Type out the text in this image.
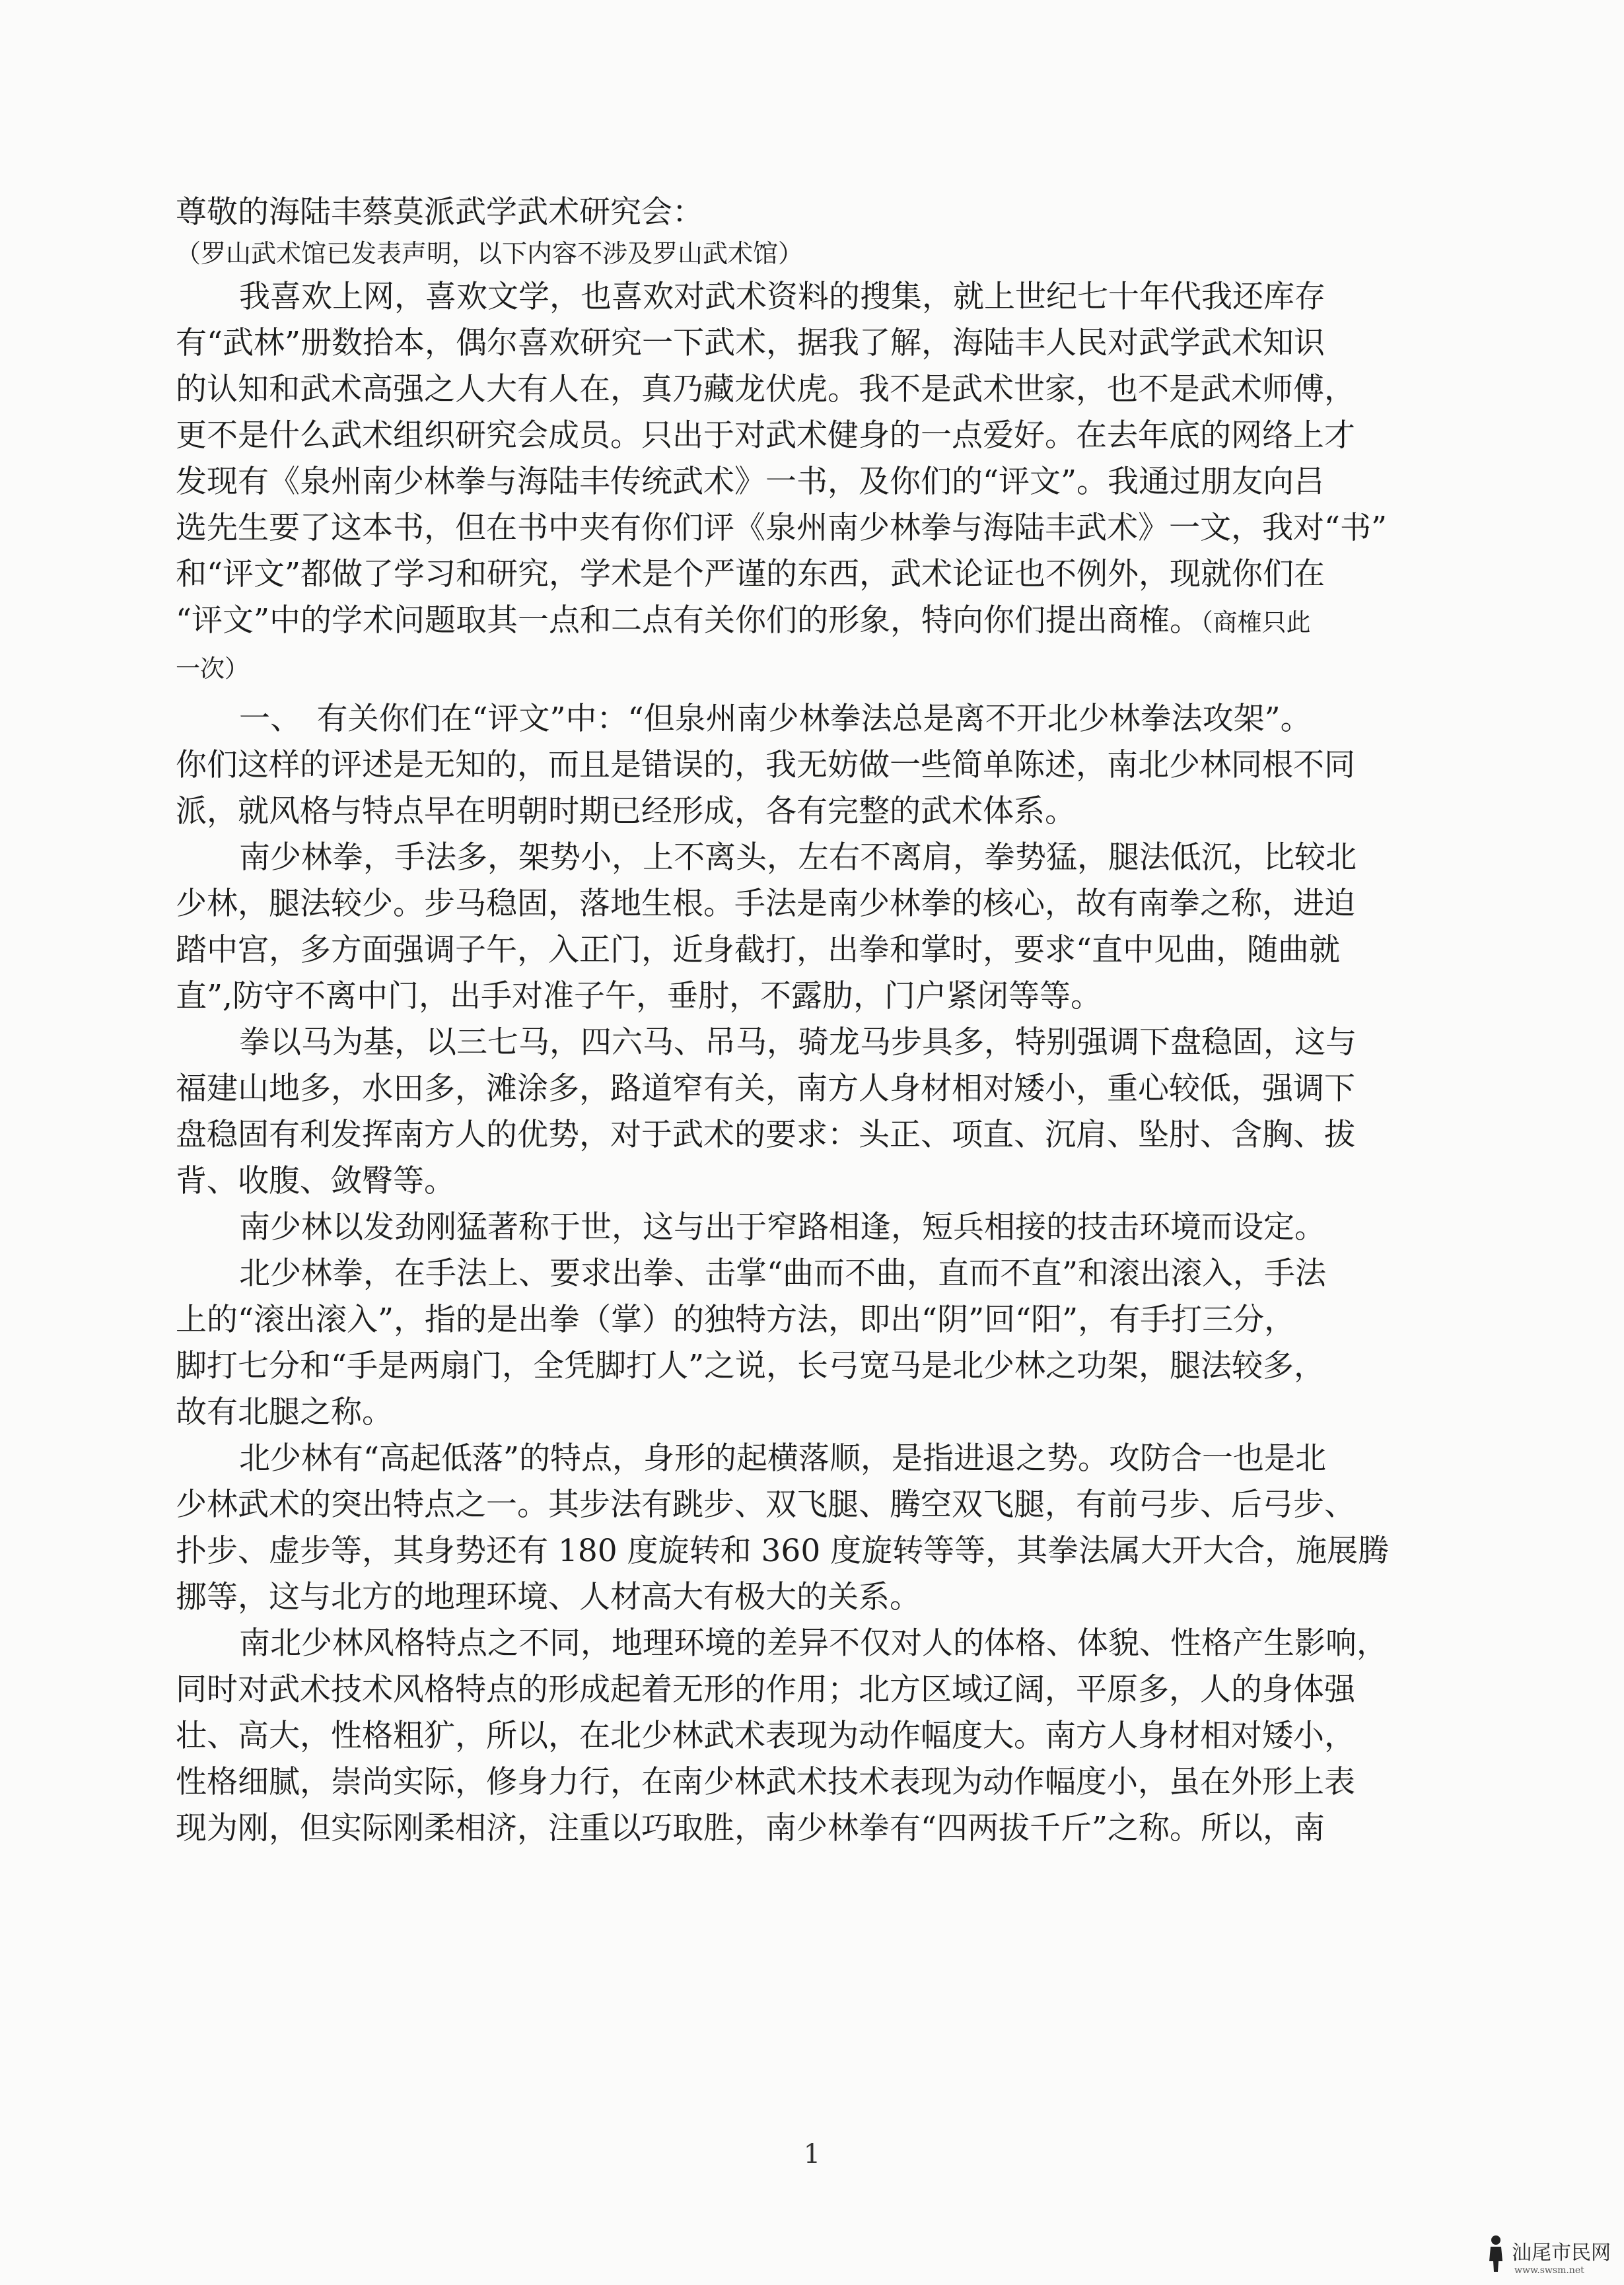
尊敬的海陆丰蔡莫派武学武术研究会：

（罗山武术馆已发表声明，以下内容不涉及罗山武术馆）

我喜欢上网，喜欢文学，也喜欢对武术资料的搜集，就上世纪七十年代我还库存

有“武林”册数拾本，偶尔喜欢研究一下武术，据我了解，海陆丰人民对武学武术知识

的认知和武术高强之人大有人在，真乃藏龙伏虎。我不是武术世家，也不是武术师傅，

更不是什么武术组织研究会成员。只出于对武术健身的一点爱好。在去年底的网络上才

发现有《泉州南少林拳与海陆丰传统武术》一书，及你们的“评文”。我通过朋友向吕

选先生要了这本书，但在书中夹有你们评《泉州南少林拳与海陆丰武术》一文，我对“书”

和“评文”都做了学习和研究，学术是个严谨的东西，武术论证也不例外，现就你们在

“评文”中的学术问题取其一点和二点有关你们的形象，特向你们提出商榷。（商榷只此

一次）

一、　有关你们在“评文”中：“但泉州南少林拳法总是离不开北少林拳法攻架”。

你们这样的评述是无知的，而且是错误的，我无妨做一些简单陈述，南北少林同根不同

派，就风格与特点早在明朝时期已经形成，各有完整的武术体系。

南少林拳，手法多，架势小，上不离头，左右不离肩，拳势猛，腿法低沉，比较北

少林，腿法较少。步马稳固，落地生根。手法是南少林拳的核心，故有南拳之称，进迫

踏中宫，多方面强调子午，入正门，近身截打，出拳和掌时，要求“直中见曲，随曲就

直”,防守不离中门，出手对准子午，垂肘，不露肋，门户紧闭等等。

拳以马为基，以三七马，四六马、吊马，骑龙马步具多，特别强调下盘稳固，这与

福建山地多，水田多，滩涂多，路道窄有关，南方人身材相对矮小，重心较低，强调下

盘稳固有利发挥南方人的优势，对于武术的要求：头正、项直、沉肩、坠肘、含胸、拔

背、收腹、敛臀等。

南少林以发劲刚猛著称于世，这与出于窄路相逢，短兵相接的技击环境而设定。

北少林拳，在手法上、要求出拳、击掌“曲而不曲，直而不直”和滚出滚入，手法

上的“滚出滚入”，指的是出拳（掌）的独特方法，即出“阴”回“阳”，有手打三分，

脚打七分和“手是两扇门，全凭脚打人”之说，长弓宽马是北少林之功架，腿法较多，

故有北腿之称。

北少林有“高起低落”的特点，身形的起横落顺，是指进退之势。攻防合一也是北

少林武术的突出特点之一。其步法有跳步、双飞腿、腾空双飞腿，有前弓步、后弓步、

扑步、虚步等，其身势还有 180 度旋转和 360 度旋转等等，其拳法属大开大合，施展腾

挪等，这与北方的地理环境、人材高大有极大的关系。

南北少林风格特点之不同，地理环境的差异不仅对人的体格、体貌、性格产生影响，

同时对武术技术风格特点的形成起着无形的作用；北方区域辽阔，平原多，人的身体强

壮、高大，性格粗犷，所以，在北少林武术表现为动作幅度大。南方人身材相对矮小，

性格细腻，崇尚实际，修身力行，在南少林武术技术表现为动作幅度小，虽在外形上表

现为刚，但实际刚柔相济，注重以巧取胜，南少林拳有“四两拔千斤”之称。所以，南

1
汕尾市民网
www.swsm.net
